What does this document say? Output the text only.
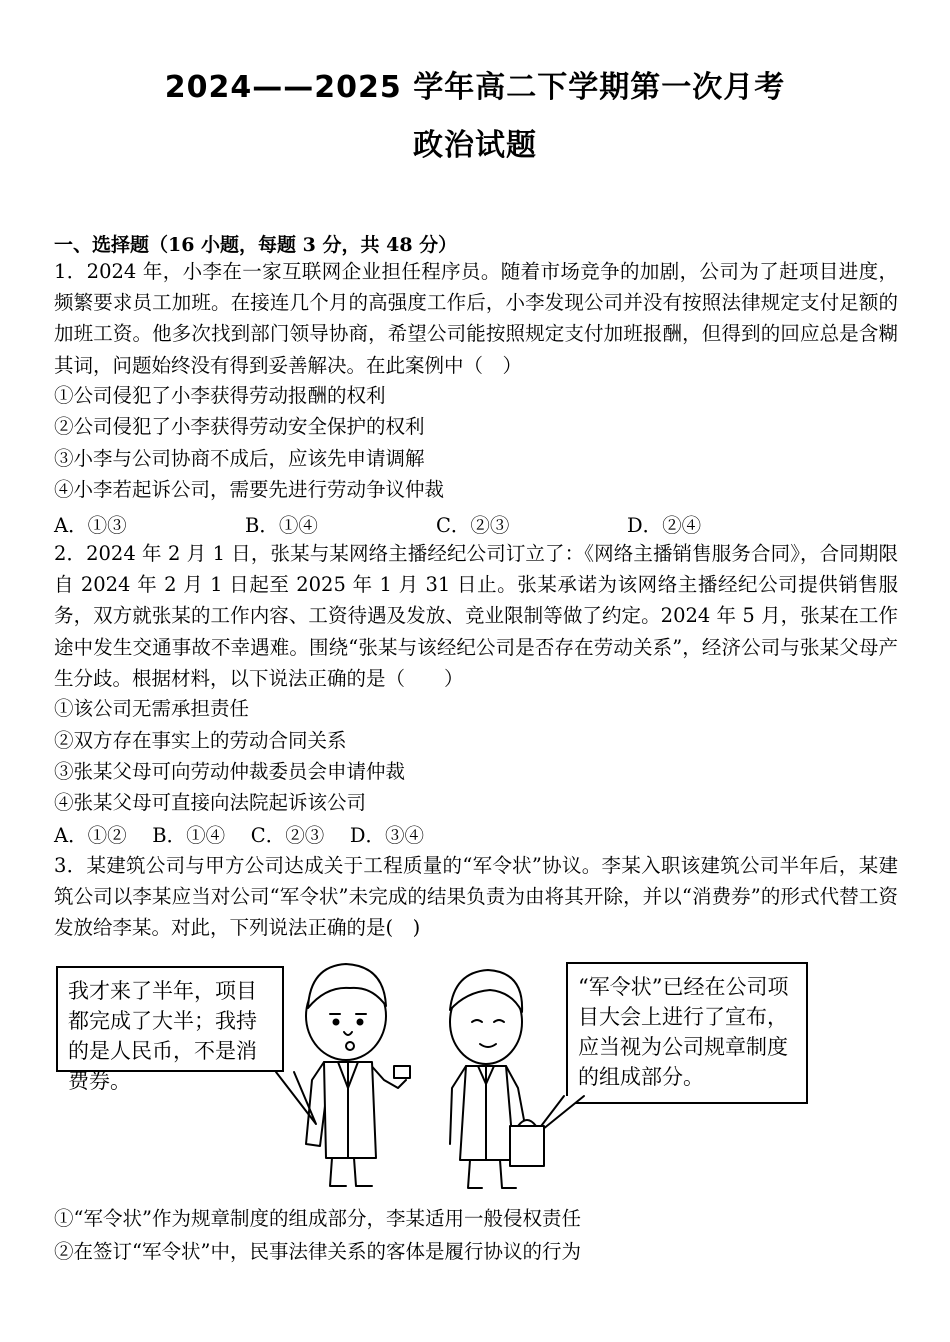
2024——2025 学年高二下学期第一次月考
政治试题
一、选择题（16 小题，每题 3 分，共 48 分）
1．2024 年，小李在一家互联网企业担任程序员。随着市场竞争的加剧，公司为了赶项目进度，频繁要求员工加班。在接连几个月的高强度工作后，小李发现公司并没有按照法律规定支付足额的加班工资。他多次找到部门领导协商，希望公司能按照规定支付加班报酬，但得到的回应总是含糊其词，问题始终没有得到妥善解决。在此案例中（　）
①公司侵犯了小李获得劳动报酬的权利
②公司侵犯了小李获得劳动安全保护的权利
③小李与公司协商不成后，应该先申请调解
④小李若起诉公司，需要先进行劳动争议仲裁
A．①③	B．①④	C．②③	D．②④
2．2024 年 2 月 1 日，张某与某网络主播经纪公司订立了：《网络主播销售服务合同》，合同期限自 2024 年 2 月 1 日起至 2025 年 1 月 31 日止。张某承诺为该网络主播经纪公司提供销售服务，双方就张某的工作内容、工资待遇及发放、竞业限制等做了约定。2024 年 5 月，张某在工作途中发生交通事故不幸遇难。围绕“张某与该经纪公司是否存在劳动关系”，经济公司与张某父母产生分歧。根据材料，以下说法正确的是（　　）
①该公司无需承担责任
②双方存在事实上的劳动合同关系
③张某父母可向劳动仲裁委员会申请仲裁
④张某父母可直接向法院起诉该公司
A．①②　 B．①④　 C．②③　 D．③④
3．某建筑公司与甲方公司达成关于工程质量的“军令状”协议。李某入职该建筑公司半年后，某建筑公司以李某应当对公司“军令状”未完成的结果负责为由将其开除，并以“消费券”的形式代替工资发放给李某。对此，下列说法正确的是(　)
我才来了半年，项目都完成了大半；我持的是人民币，不是消费券。
“军令状”已经在公司项目大会上进行了宣布，应当视为公司规章制度的组成部分。
①“军令状”作为规章制度的组成部分，李某适用一般侵权责任
②在签订“军令状”中，民事法律关系的客体是履行协议的行为
